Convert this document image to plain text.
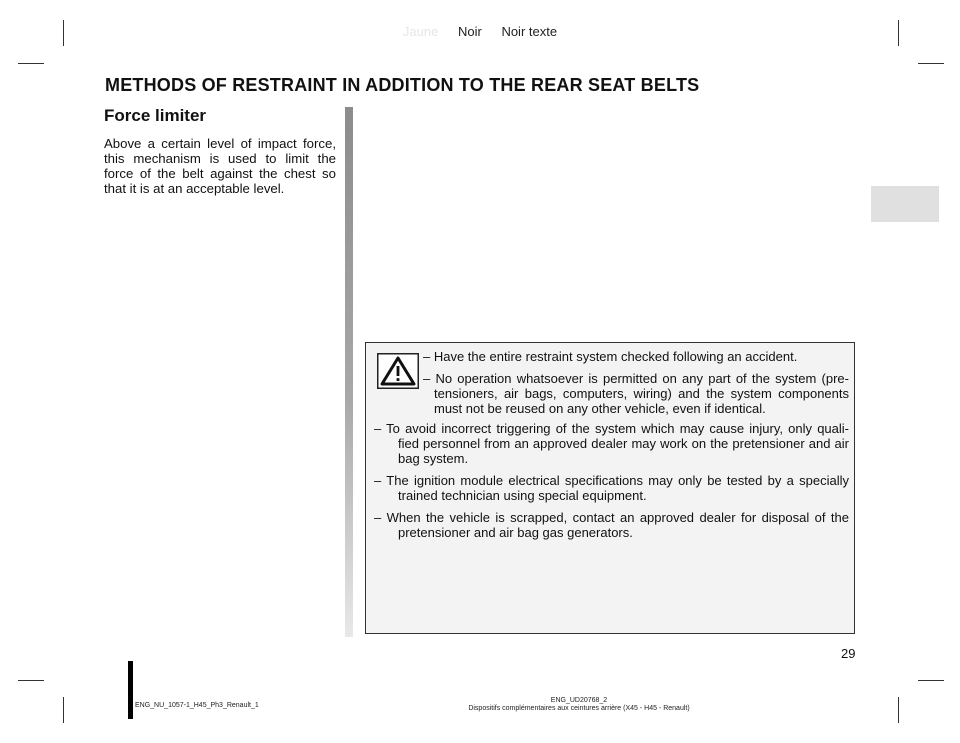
Jaune Noir Noir texte
METHODS OF RESTRAINT IN ADDITION TO THE REAR SEAT BELTS
Force limiter

Above a certain level of impact force, this mechanism is used to limit the force of the belt against the chest so that it is at an acceptable level.

– Have the entire restraint system checked following an accident.

– No operation whatsoever is permitted on any part of the system (pre-tensioners, air bags, computers, wiring) and the system components must not be reused on any other vehicle, even if identical.

– To avoid incorrect triggering of the system which may cause injury, only quali-fied personnel from an approved dealer may work on the pretensioner and air bag system.

– The ignition module electrical specifications may only be tested by a specially trained technician using special equipment.

– When the vehicle is scrapped, contact an approved dealer for disposal of the pretensioner and air bag gas generators.

29
ENG_NU_1057-1_H45_Ph3_Renault_1
ENG_UD20768_2
Dispositifs complémentaires aux ceintures arrière (X45 - H45 - Renault)
